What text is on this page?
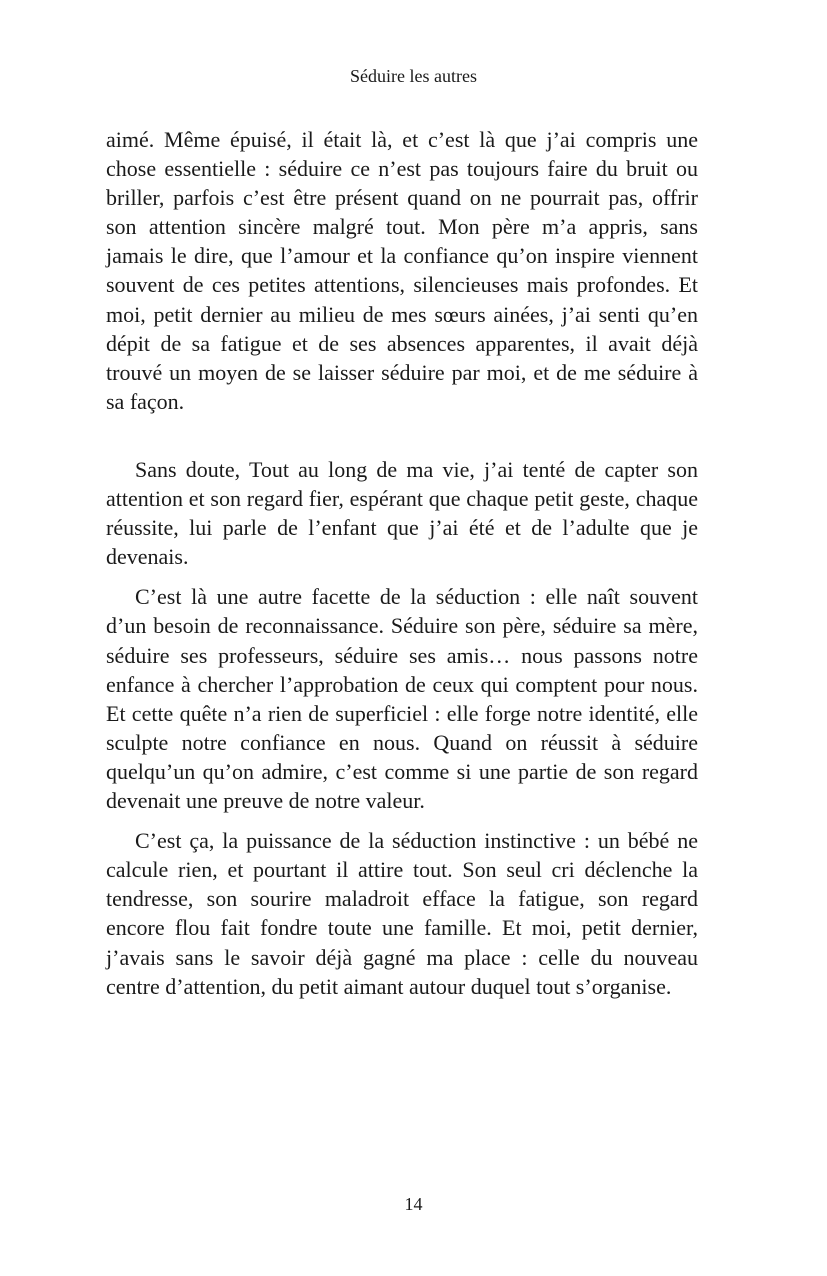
Séduire les autres

aimé. Même épuisé, il était là, et c’est là que j’ai compris une chose essentielle : séduire ce n’est pas toujours faire du bruit ou briller, parfois c’est être présent quand on ne pourrait pas, offrir son attention sincère malgré tout. Mon père m’a appris, sans jamais le dire, que l’amour et la confiance qu’on inspire viennent souvent de ces petites attentions, silencieuses mais profondes. Et moi, petit dernier au milieu de mes sœurs ainées, j’ai senti qu’en dépit de sa fatigue et de ses absences apparentes, il avait déjà trouvé un moyen de se laisser séduire par moi, et de me séduire à sa façon.

Sans doute, Tout au long de ma vie, j’ai tenté de capter son attention et son regard fier, espérant que chaque petit geste, chaque réussite, lui parle de l’enfant que j’ai été et de l’adulte que je devenais.

C’est là une autre facette de la séduction : elle naît souvent d’un besoin de reconnaissance. Séduire son père, séduire sa mère, séduire ses professeurs, séduire ses amis… nous passons notre enfance à chercher l’approbation de ceux qui comptent pour nous. Et cette quête n’a rien de superficiel : elle forge notre identité, elle sculpte notre confiance en nous. Quand on réussit à séduire quelqu’un qu’on admire, c’est comme si une partie de son regard devenait une preuve de notre valeur.

C’est ça, la puissance de la séduction instinctive : un bébé ne calcule rien, et pourtant il attire tout. Son seul cri déclenche la tendresse, son sourire maladroit efface la fatigue, son regard encore flou fait fondre toute une famille. Et moi, petit dernier, j’avais sans le savoir déjà gagné ma place : celle du nouveau centre d’attention, du petit aimant autour duquel tout s’organise.

14
